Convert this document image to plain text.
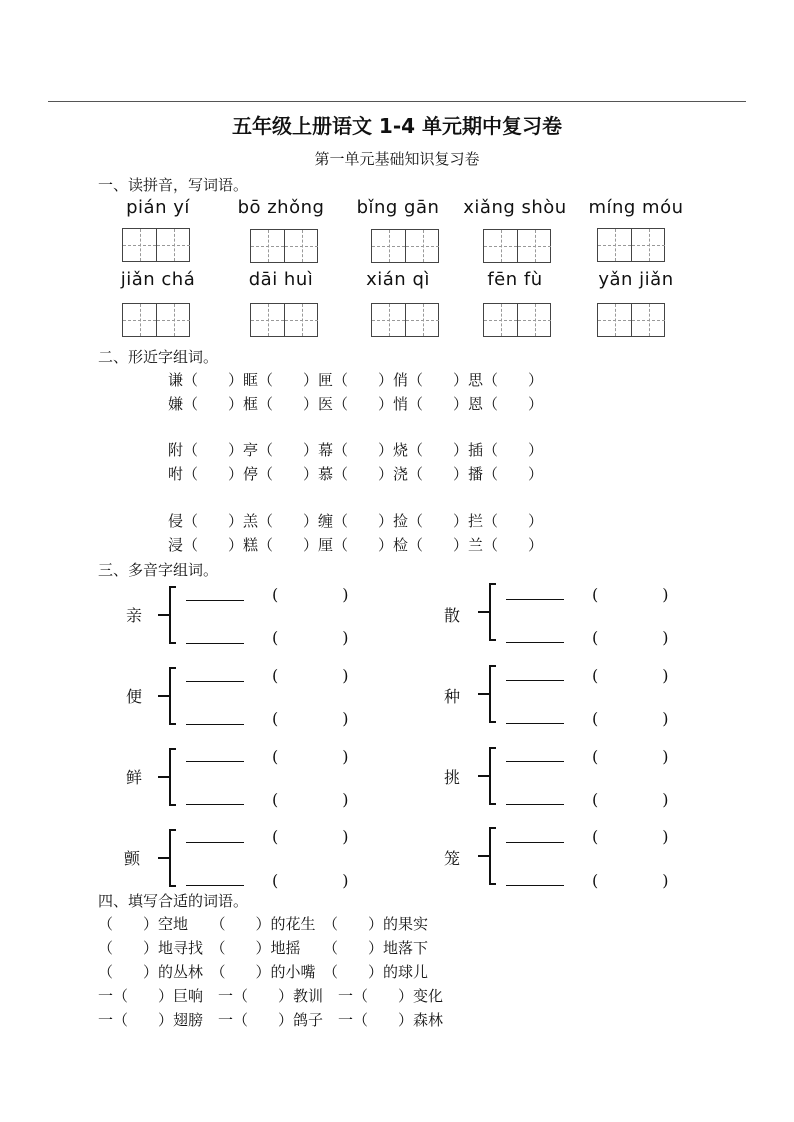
五年级上册语文 1-4 单元期中复习卷
第一单元基础知识复习卷
一、读拼音，写词语。
pián yí	bō zhǒng	bǐng gān	xiǎng shòu	míng móu
jiǎn chá	dāi huì	xián qì	fēn fù	yǎn jiǎn
二、形近字组词。
谦（　　）眶（　　）匣（　　）俏（　　）思（　　）
嫌（　　）框（　　）医（　　）悄（　　）恩（　　）
附（　　）亭（　　）幕（　　）烧（　　）插（　　）
咐（　　）停（　　）慕（　　）浇（　　）播（　　）
侵（　　）羔（　　）缠（　　）捡（　　）拦（　　）
浸（　　）糕（　　）厘（　　）检（　　）兰（　　）
三、多音字组词。
亲
(　　　　)
(　　　　)
便
(　　　　)
(　　　　)
鲜
(　　　　)
(　　　　)
颤
(　　　　)
(　　　　)
散
(　　　　)
(　　　　)
种
(　　　　)
(　　　　)
挑
(　　　　)
(　　　　)
笼
(　　　　)
(　　　　)
四、填写合适的词语。
（　　）空地　　（　　）的花生　（　　）的果实
（　　）地寻找　（　　）地摇　　（　　）地落下
（　　）的丛林　（　　）的小嘴　（　　）的球儿
一（　　）巨响　一（　　）教训　一（　　）变化
一（　　）翅膀　一（　　）鸽子　一（　　）森林
